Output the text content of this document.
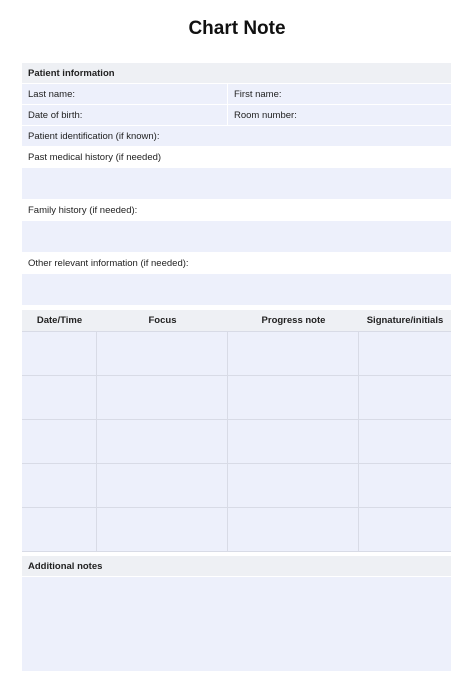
Chart Note
Patient information
Last name:	First name:
Date of birth:	Room number:
Patient identification (if known):
Past medical history (if needed)
Family history (if needed):
Other relevant information (if needed):
Date/Time	Focus	Progress note	Signature/initials
Additional notes
